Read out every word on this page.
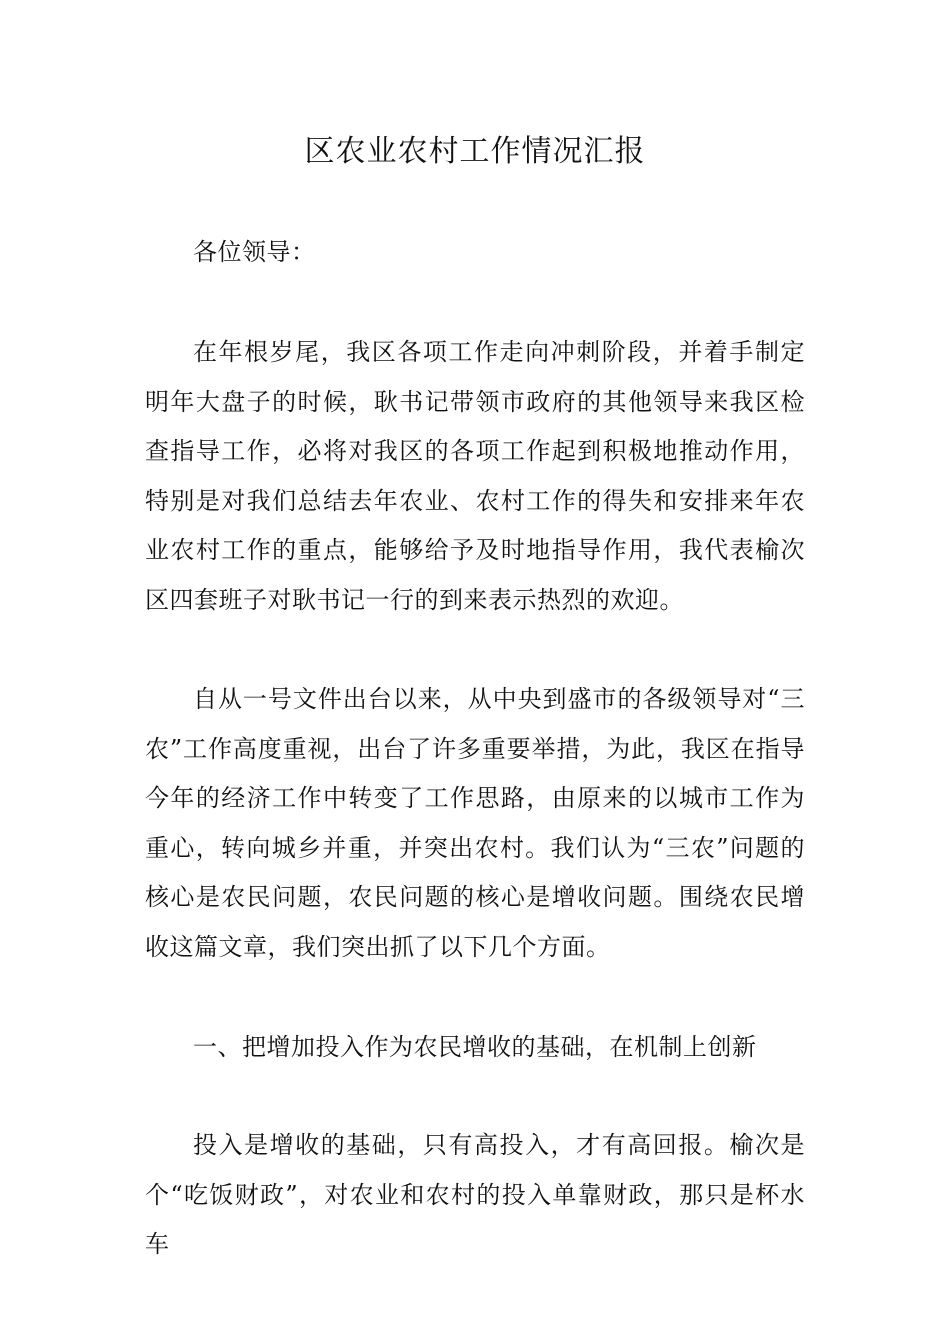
区农业农村工作情况汇报

各位领导：

在年根岁尾，我区各项工作走向冲刺阶段，并着手制定明年大盘子的时候，耿书记带领市政府的其他领导来我区检查指导工作，必将对我区的各项工作起到积极地推动作用，特别是对我们总结去年农业、农村工作的得失和安排来年农业农村工作的重点，能够给予及时地指导作用，我代表榆次区四套班子对耿书记一行的到来表示热烈的欢迎。

自从一号文件出台以来，从中央到盛市的各级领导对“三农”工作高度重视，出台了许多重要举措，为此，我区在指导今年的经济工作中转变了工作思路，由原来的以城市工作为重心，转向城乡并重，并突出农村。我们认为“三农”问题的核心是农民问题，农民问题的核心是增收问题。围绕农民增收这篇文章，我们突出抓了以下几个方面。

一、把增加投入作为农民增收的基础，在机制上创新

投入是增收的基础，只有高投入，才有高回报。榆次是个“吃饭财政”，对农业和农村的投入单靠财政，那只是杯水车
